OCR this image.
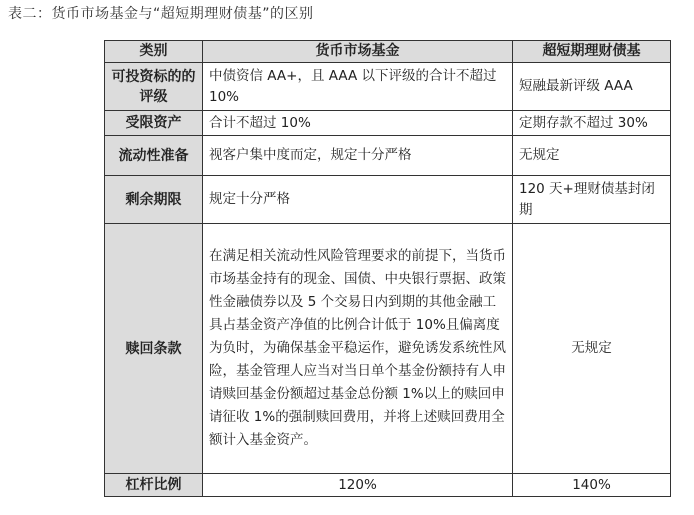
表二：货币市场基金与“超短期理财债基”的区别
类别	货币市场基金	超短期理财债基
可投资标的的评级	中债资信 AA+，且 AAA 以下评级的合计不超过 10%	短融最新评级 AAA
受限资产	合计不超过 10%	定期存款不超过 30%
流动性准备	视客户集中度而定，规定十分严格	无规定
剩余期限	规定十分严格	120 天+理财债基封闭期
赎回条款	在满足相关流动性风险管理要求的前提下，当货币市场基金持有的现金、国债、中央银行票据、政策性金融债券以及 5 个交易日内到期的其他金融工具占基金资产净值的比例合计低于 10%且偏离度为负时，为确保基金平稳运作，避免诱发系统性风险，基金管理人应当对当日单个基金份额持有人申请赎回基金份额超过基金总份额 1%以上的赎回申请征收 1%的强制赎回费用，并将上述赎回费用全额计入基金资产。	无规定
杠杆比例	120%	140%
